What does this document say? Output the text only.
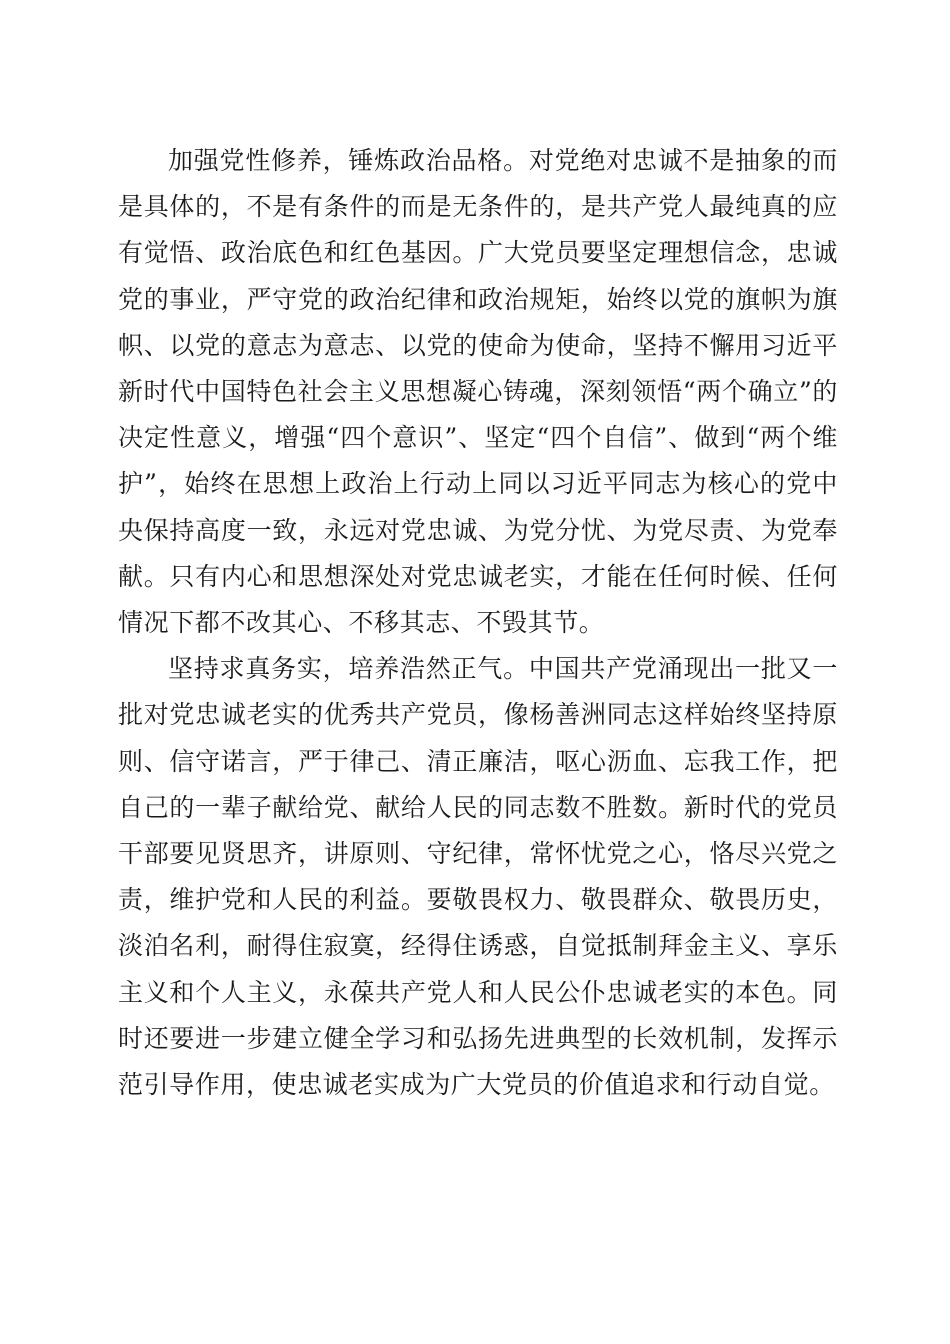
加强党性修养，锤炼政治品格。对党绝对忠诚不是抽象的而是具体的，不是有条件的而是无条件的，是共产党人最纯真的应有觉悟、政治底色和红色基因。广大党员要坚定理想信念，忠诚党的事业，严守党的政治纪律和政治规矩，始终以党的旗帜为旗帜、以党的意志为意志、以党的使命为使命，坚持不懈用习近平新时代中国特色社会主义思想凝心铸魂，深刻领悟“两个确立”的决定性意义，增强“四个意识”、坚定“四个自信”、做到“两个维护”，始终在思想上政治上行动上同以习近平同志为核心的党中央保持高度一致，永远对党忠诚、为党分忧、为党尽责、为党奉献。只有内心和思想深处对党忠诚老实，才能在任何时候、任何情况下都不改其心、不移其志、不毁其节。

坚持求真务实，培养浩然正气。中国共产党涌现出一批又一批对党忠诚老实的优秀共产党员，像杨善洲同志这样始终坚持原则、信守诺言，严于律己、清正廉洁，呕心沥血、忘我工作，把自己的一辈子献给党、献给人民的同志数不胜数。新时代的党员干部要见贤思齐，讲原则、守纪律，常怀忧党之心，恪尽兴党之责，维护党和人民的利益。要敬畏权力、敬畏群众、敬畏历史，淡泊名利，耐得住寂寞，经得住诱惑，自觉抵制拜金主义、享乐主义和个人主义，永葆共产党人和人民公仆忠诚老实的本色。同时还要进一步建立健全学习和弘扬先进典型的长效机制，发挥示范引导作用，使忠诚老实成为广大党员的价值追求和行动自觉。
